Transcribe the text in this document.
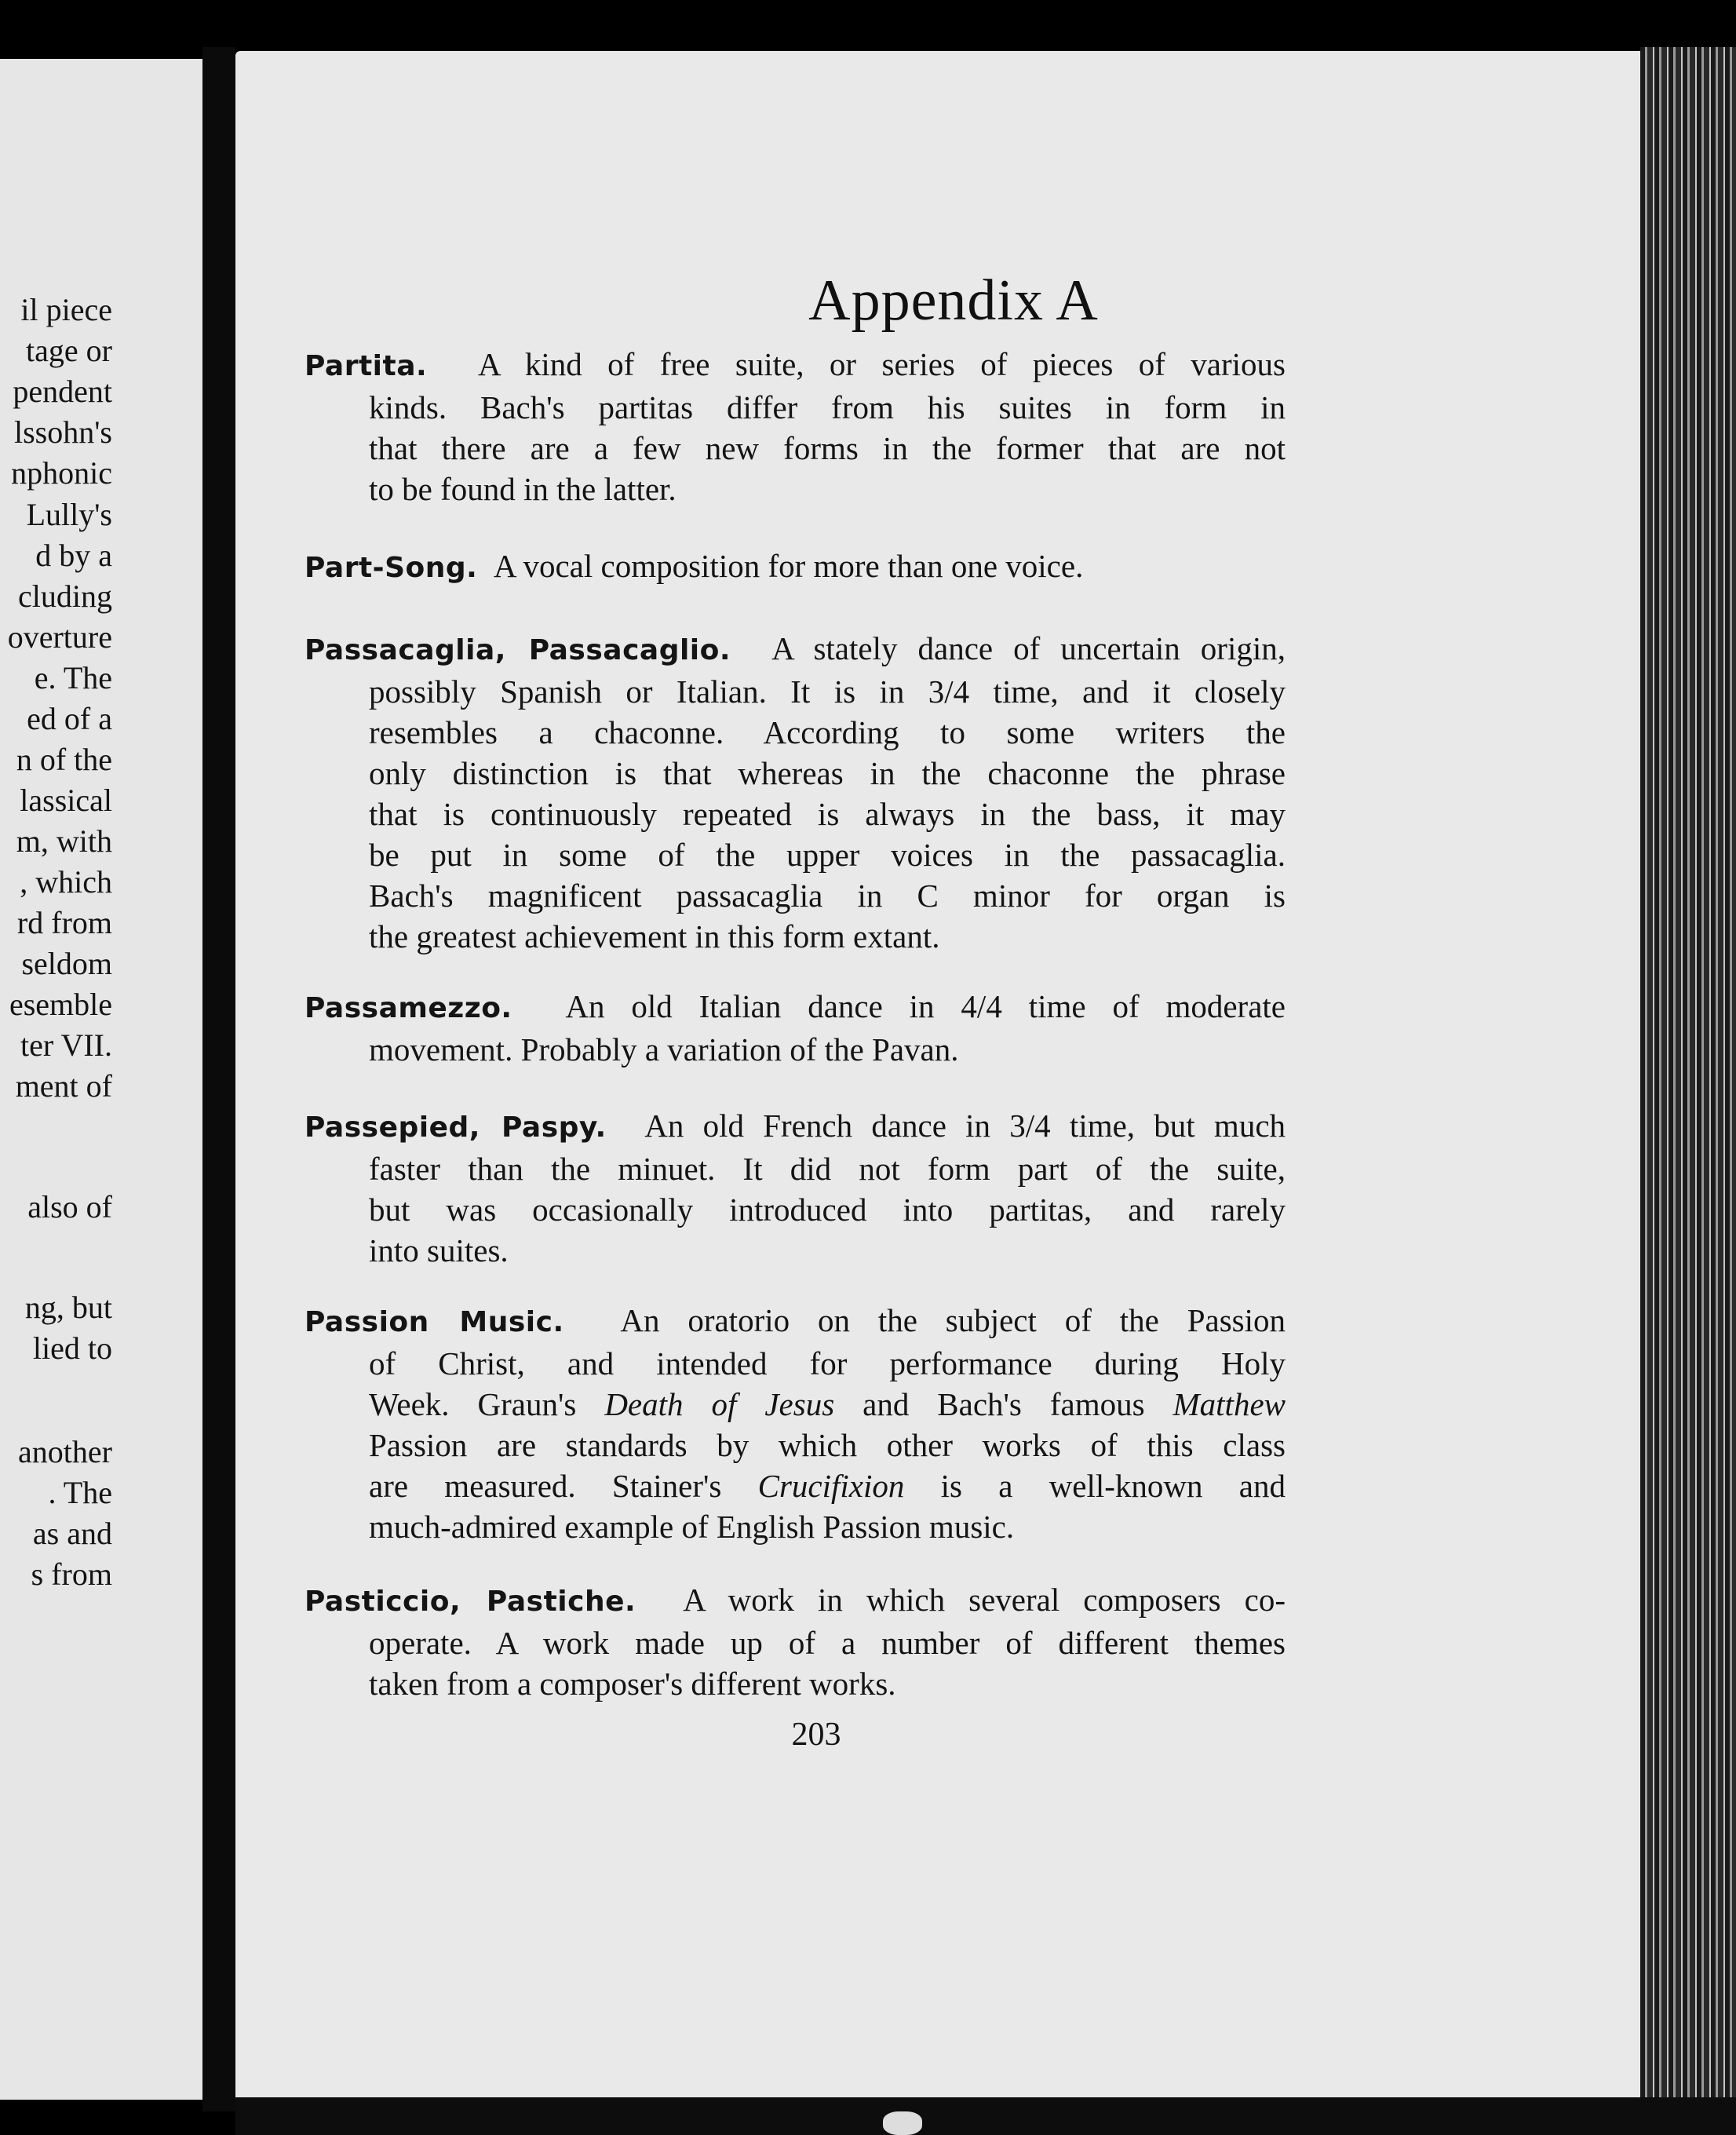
il piece
tage or
pendent
lssohn's
nphonic
Lully's
d by a
cluding
overture
e. The
ed of a
n of the
lassical
m, with
, which
rd from
seldom
esemble
ter VII.
ment of
also of
ng, but
lied to
another
. The
as and
s from
Appendix A
Partita. A kind of free suite, or series of pieces of various
kinds. Bach's partitas differ from his suites in form in
that there are a few new forms in the former that are not
to be found in the latter.
Part-Song. A vocal composition for more than one voice.
Passacaglia, Passacaglio. A stately dance of uncertain origin,
possibly Spanish or Italian. It is in 3/4 time, and it closely
resembles a chaconne. According to some writers the
only distinction is that whereas in the chaconne the phrase
that is continuously repeated is always in the bass, it may
be put in some of the upper voices in the passacaglia.
Bach's magnificent passacaglia in C minor for organ is
the greatest achievement in this form extant.
Passamezzo. An old Italian dance in 4/4 time of moderate
movement. Probably a variation of the Pavan.
Passepied, Paspy. An old French dance in 3/4 time, but much
faster than the minuet. It did not form part of the suite,
but was occasionally introduced into partitas, and rarely
into suites.
Passion Music. An oratorio on the subject of the Passion
of Christ, and intended for performance during Holy
Week. Graun's Death of Jesus and Bach's famous Matthew
Passion are standards by which other works of this class
are measured. Stainer's Crucifixion is a well-known and
much-admired example of English Passion music.
Pasticcio, Pastiche. A work in which several composers co-
operate. A work made up of a number of different themes
taken from a composer's different works.
203
